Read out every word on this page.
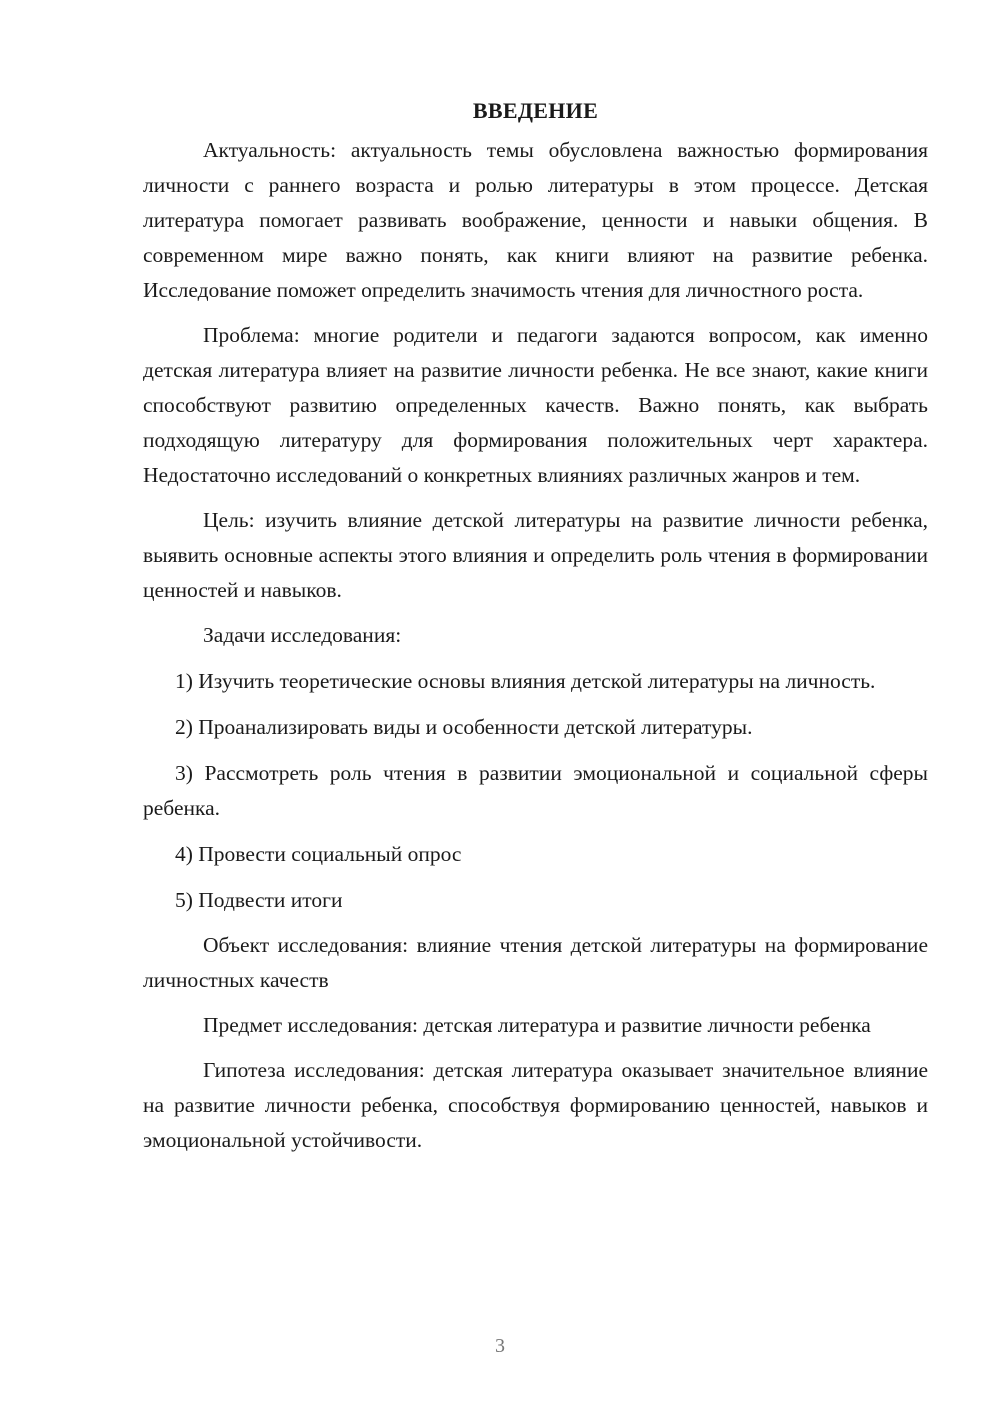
ВВЕДЕНИЕ

Актуальность: актуальность темы обусловлена важностью формирования личности с раннего возраста и ролью литературы в этом процессе. Детская литература помогает развивать воображение, ценности и навыки общения. В современном мире важно понять, как книги влияют на развитие ребенка. Исследование поможет определить значимость чтения для личностного роста.

Проблема: многие родители и педагоги задаются вопросом, как именно детская литература влияет на развитие личности ребенка. Не все знают, какие книги способствуют развитию определенных качеств. Важно понять, как выбрать подходящую литературу для формирования положительных черт характера. Недостаточно исследований о конкретных влияниях различных жанров и тем.

Цель: изучить влияние детской литературы на развитие личности ребенка, выявить основные аспекты этого влияния и определить роль чтения в формировании ценностей и навыков.

Задачи исследования:

1) Изучить теоретические основы влияния детской литературы на личность.

2) Проанализировать виды и особенности детской литературы.

3) Рассмотреть роль чтения в развитии эмоциональной и социальной сферы ребенка.

4) Провести социальный опрос

5) Подвести итоги

Объект исследования: влияние чтения детской литературы на формирование личностных качеств

Предмет исследования: детская литература и развитие личности ребенка

Гипотеза исследования: детская литература оказывает значительное влияние на развитие личности ребенка, способствуя формированию ценностей, навыков и эмоциональной устойчивости.

3
